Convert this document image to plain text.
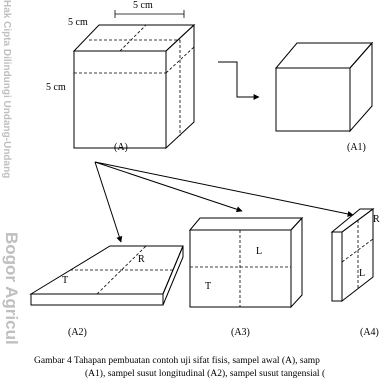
Hak Cipta Dilindungi Undang-Undang
Bogor Agricul
5 cm
5 cm
5 cm
(A)	(A1)
(A2)	(A3)	(A4)
T
R
L
T
R
L
Gambar 4 Tahapan pembuatan contoh uji sifat fisis, sampel awal (A), samp
(A1), sampel susut longitudinal (A2), sampel susut tangensial (
